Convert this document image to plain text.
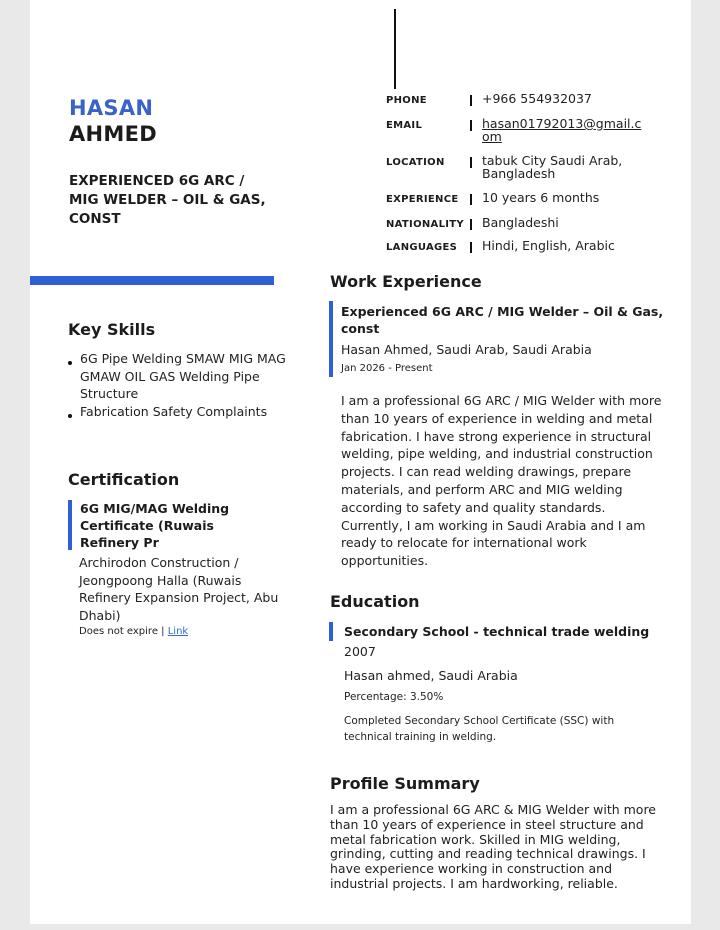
HASAN
AHMED
EXPERIENCED 6G ARC / MIG WELDER – OIL & GAS, CONST
PHONE	+966 554932037
EMAIL	hasan01792013@gmail.com
LOCATION	tabuk City Saudi Arab, Bangladesh
EXPERIENCE 10 years 6 months
NATIONALITY Bangladeshi
LANGUAGES Hindi, English, Arabic
Key Skills
6G Pipe Welding SMAW MIG MAG GMAW OIL GAS Welding Pipe Structure
Fabrication Safety Complaints
Certification
6G MIG/MAG Welding Certificate (Ruwais Refinery Pr
Archirodon Construction / Jeongpoong Halla (Ruwais Refinery Expansion Project, Abu Dhabi)
Does not expire | Link
Work Experience
Experienced 6G ARC / MIG Welder – Oil & Gas, const
Hasan Ahmed, Saudi Arab, Saudi Arabia
Jan 2026 - Present
I am a professional 6G ARC / MIG Welder with more than 10 years of experience in welding and metal fabrication. I have strong experience in structural welding, pipe welding, and industrial construction projects. I can read welding drawings, prepare materials, and perform ARC and MIG welding according to safety and quality standards. Currently, I am working in Saudi Arabia and I am ready to relocate for international work opportunities.
Education
Secondary School - technical trade welding
2007
Hasan ahmed, Saudi Arabia
Percentage: 3.50%
Completed Secondary School Certificate (SSC) with technical training in welding.
Profile Summary
I am a professional 6G ARC & MIG Welder with more than 10 years of experience in steel structure and metal fabrication work. Skilled in MIG welding, grinding, cutting and reading technical drawings. I have experience working in construction and industrial projects. I am hardworking, reliable.
